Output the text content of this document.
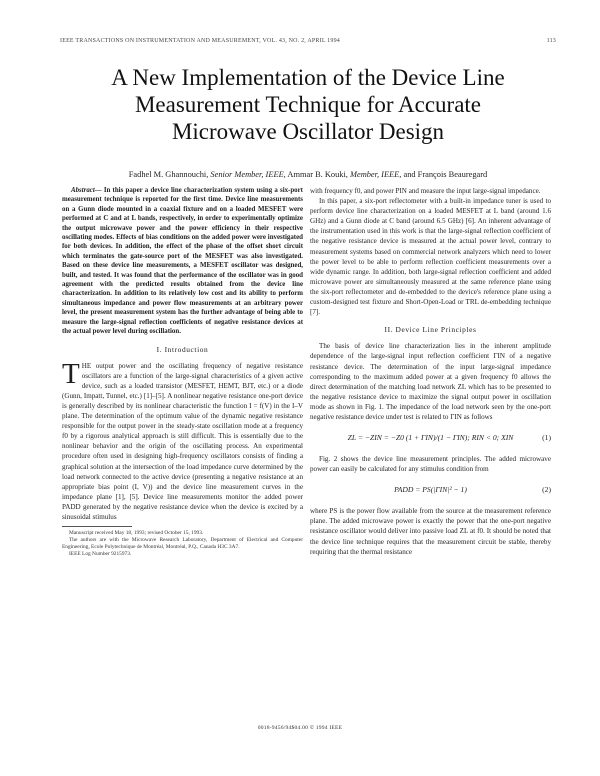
IEEE TRANSACTIONS ON INSTRUMENTATION AND MEASUREMENT, VOL. 43, NO. 2, APRIL 1994	113
A New Implementation of the Device Line
Measurement Technique for Accurate
Microwave Oscillator Design
Fadhel M. Ghannouchi, Senior Member, IEEE, Ammar B. Kouki, Member, IEEE, and François Beauregard

Abstract— In this paper a device line characterization system using a six-port measurement technique is reported for the first time. Device line measurements on a Gunn diode mounted in a coaxial fixture and on a loaded MESFET were performed at C and at L bands, respectively, in order to experimentally optimize the output microwave power and the power efficiency in their respective oscillating modes. Effects of bias conditions on the added power were investigated for both devices. In addition, the effect of the phase of the offset short circuit which terminates the gate-source port of the MESFET was also investigated. Based on these device line measurements, a MESFET oscillator was designed, built, and tested. It was found that the performance of the oscillator was in good agreement with the predicted results obtained from the device line characterization. In addition to its relatively low cost and its ability to perform simultaneous impedance and power flow measurements at an arbitrary power level, the present measurement system has the further advantage of being able to measure the large-signal reflection coefficients of negative resistance devices at the actual power level during oscillation.

I. Introduction

THE output power and the oscillating frequency of negative resistance oscillators are a function of the large-signal characteristics of a given active device, such as a loaded transistor (MESFET, HEMT, BJT, etc.) or a diode (Gunn, Impatt, Tunnel, etc.) [1]–[5]. A nonlinear negative resistance one-port device is generally described by its nonlinear characteristic the function I = f(V) in the I–V plane. The determination of the optimum value of the dynamic negative resistance responsible for the output power in the steady-state oscillation mode at a frequency f0 by a rigorous analytical approach is still difficult. This is essentially due to the nonlinear behavior and the origin of the oscillating process. An experimental procedure often used in designing high-frequency oscillators consists of finding a graphical solution at the intersection of the load impedance curve determined by the load network connected to the active device (presenting a negative resistance at an appropriate bias point (I, V)) and the device line measurement curves in the impedance plane [1], [5]. Device line measurements monitor the added power PADD generated by the negative resistance device when the device is excited by a sinusoidal stimulus

Manuscript received May 18, 1993; revised October 15, 1993.

The authors are with the Microwave Research Laboratory, Department of Electrical and Computer Engineering, Ecole Polytechnique de Montréal, Montréal, P.Q., Canada H3C 3A7.

IEEE Log Number 9215973.

with frequency f0, and power PIN and measure the input large-signal impedance.

In this paper, a six-port reflectometer with a built-in impedance tuner is used to perform device line characterization on a loaded MESFET at L band (around 1.6 GHz) and a Gunn diode at C band (around 6.5 GHz) [6]. An inherent advantage of the instrumentation used in this work is that the large-signal reflection coefficient of the negative resistance device is measured at the actual power level, contrary to measurement systems based on commercial network analyzers which need to lower the power level to be able to perform reflection coefficient measurements over a wide dynamic range. In addition, both large-signal reflection coefficient and added microwave power are simultaneously measured at the same reference plane using the six-port reflectometer and de-embedded to the device's reference plane using a custom-designed test fixture and Short-Open-Load or TRL de-embedding technique [7].

II. Device Line Principles

The basis of device line characterization lies in the inherent amplitude dependence of the large-signal input reflection coefficient ΓIN of a negative resistance device. The determination of the input large-signal impedance corresponding to the maximum added power at a given frequency f0 allows the direct determination of the matching load network ZL which has to be presented to the negative resistance device to maximize the signal output power in oscillation mode as shown in Fig. 1. The impedance of the load network seen by the one-port negative resistance device under test is related to ΓIN as follows

ZL = −ZIN = −Z0 (1 + ΓIN)/(1 − ΓIN); RIN < 0; XIN	(1)

Fig. 2 shows the device line measurement principles. The added microwave power can easily be calculated for any stimulus condition from

PADD = PS(|ΓIN|² − 1)	(2)

where PS is the power flow available from the source at the measurement reference plane. The added microwave power is exactly the power that the one-port negative resistance oscillator would deliver into passive load ZL at f0. It should be noted that the device line technique requires that the measurement circuit be stable, thereby requiring that the thermal resistance

0018-9456/94$04.00 © 1994 IEEE
